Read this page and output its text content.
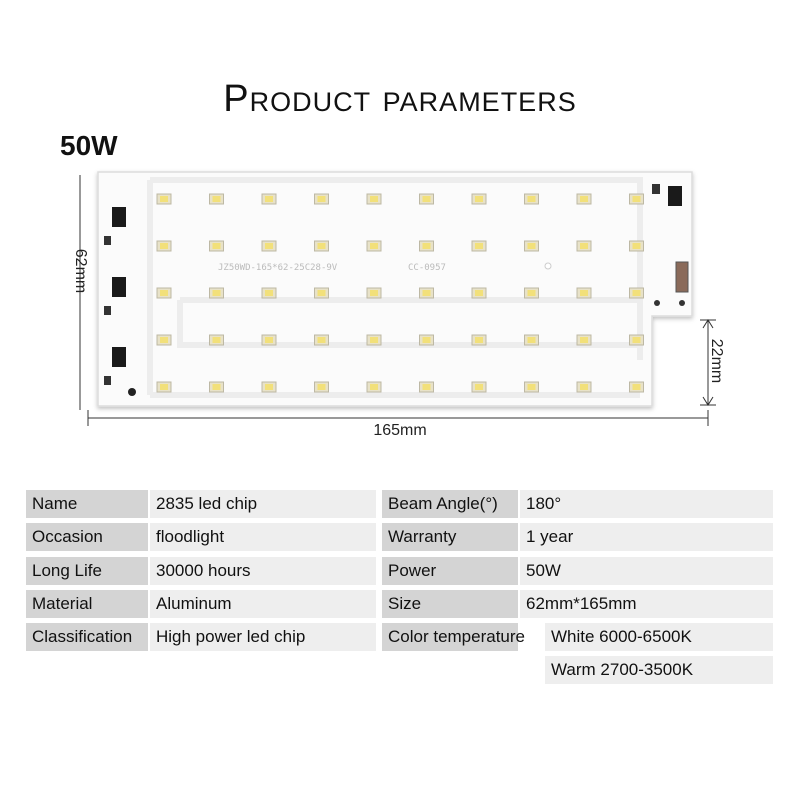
Product parameters
50W
JZ50WD-165*62-25C28-9V	CC-0957
165mm
62mm
22mm
Name	2835 led chip	Beam Angle(°)	180°
Occasion	floodlight	Warranty	1 year
Long Life	30000 hours	Power	50W
Material	Aluminum	Size	62mm*165mm
Classification	High power led chip	Color temperature	White 6000-6500K
Warm 2700-3500K
